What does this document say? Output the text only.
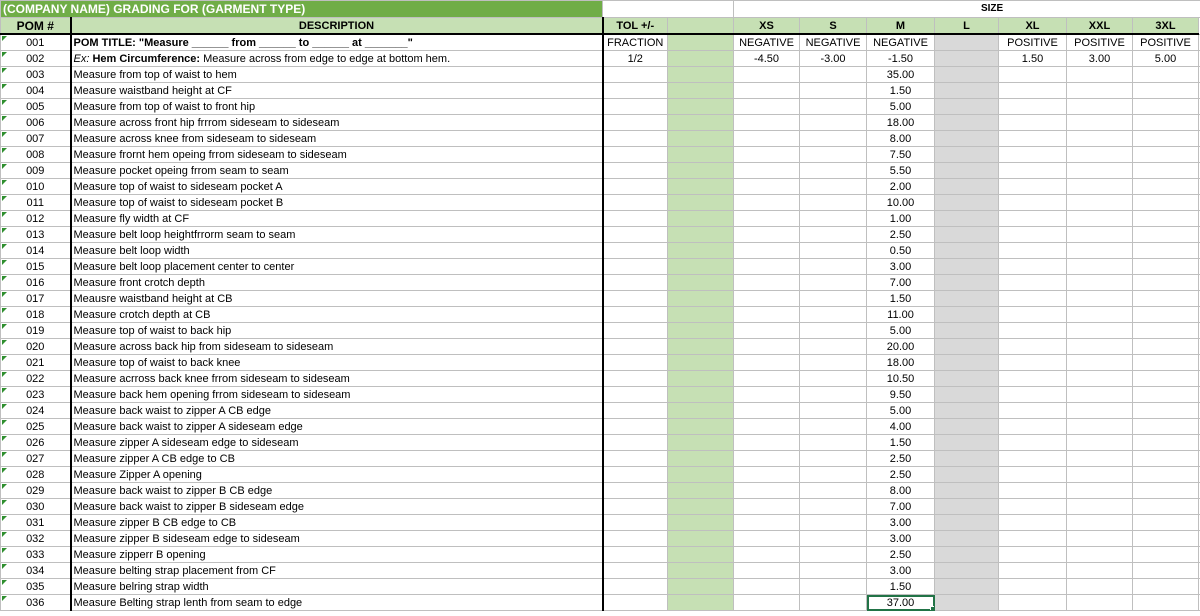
(COMPANY NAME) GRADING FOR (GARMENT TYPE)				SIZE							
POM #	DESCRIPTION	TOL +/-		XS	S	M	L	XL	XXL	3XL	

001	POM TITLE: "Measure ______ from ______ to ______ at _______"	FRACTION		NEGATIVE	NEGATIVE	NEGATIVE		POSITIVE	POSITIVE	POSITIVE	

002	Ex: Hem Circumference: Measure across from edge to edge at bottom hem.	1/2		-4.50	-3.00	-1.50		1.50	3.00	5.00	

003	Measure from top of waist to hem					35.00					

004	Measure waistband height at CF					1.50					

005	Measure from top of waist to front hip					5.00					

006	Measure across front hip frrrom sideseam to sideseam					18.00					

007	Measure across knee from sideseam to sideseam					8.00					

008	Measure frornt hem opeing frrom sideseam to sideseam					7.50					

009	Measure pocket opeing frrom seam to seam					5.50					

010	Measure top of waist to sideseam pocket A					2.00					

011	Measure top of waist to sideseam pocket B					10.00					

012	Measure fly width at CF					1.00					

013	Measure belt loop heightfrrorm seam to seam					2.50					

014	Measure belt loop width					0.50					

015	Measure belt loop placement center to center					3.00					

016	Measure front crotch depth					7.00					

017	Meausre waistband height at CB					1.50					

018	Measure crotch depth at CB					11.00					

019	Measure top of waist to back hip					5.00					

020	Measure across back hip from sideseam to sideseam					20.00					

021	Measure top of waist to back knee					18.00					

022	Measure acrross back knee frrom sideseam to sideseam					10.50					

023	Measure back hem opening frrom sideseam to sideseam					9.50					

024	Measure back waist to zipper A CB edge					5.00					

025	Measure back waist to zipper A sideseam edge					4.00					

026	Measure zipper A sideseam edge to sideseam					1.50					

027	Measure zipper A CB edge to CB					2.50					

028	Measure Zipper A opening					2.50					

029	Measure back waist to zipper B CB edge					8.00					

030	Measure back waist to zipper B sideseam edge					7.00					

031	Measure zipper B CB edge to CB					3.00					

032	Measure zipper B sideseam edge to sideseam					3.00					

033	Measure zipperr B opening					2.50					

034	Measure belting strap placement from CF					3.00					

035	Measure belring strap width					1.50					

036	Measure Belting strap lenth from seam to edge					37.00
